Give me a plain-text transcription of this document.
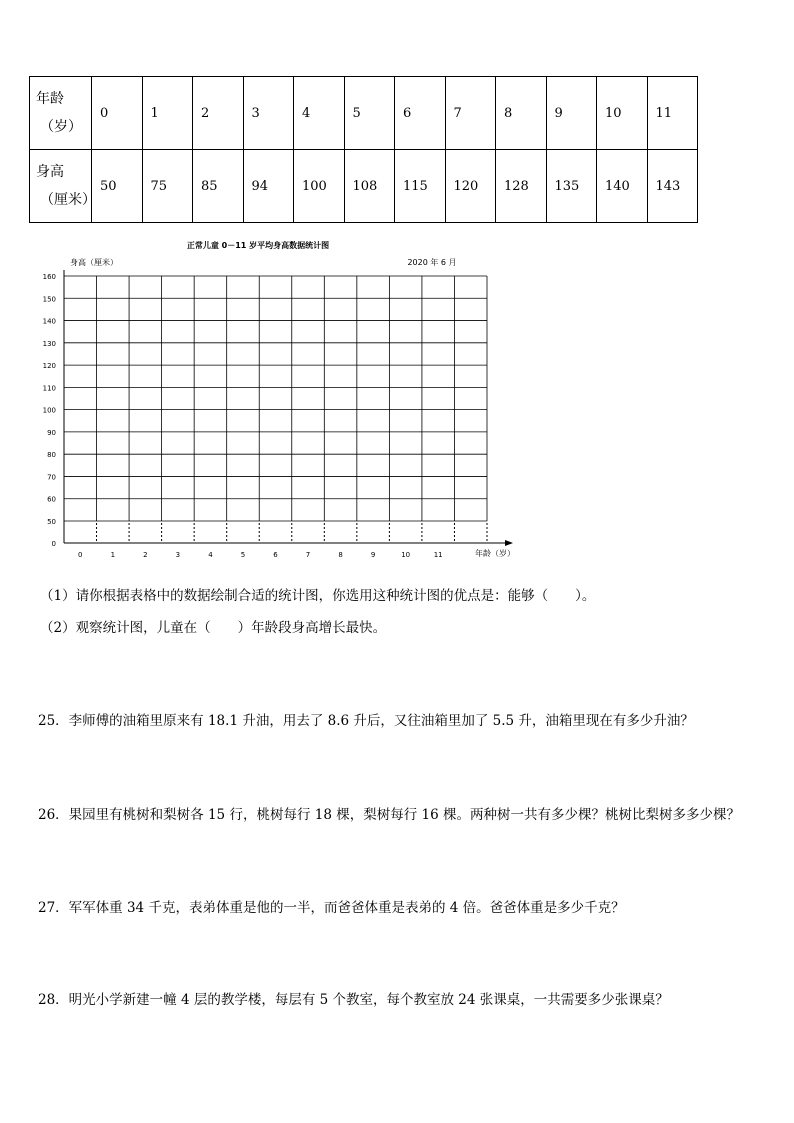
年龄
（岁）	0	1	2	3	4	5	6	7	8	9	10	11

身高
（厘米）	50	75	85	94	100	108	115	120	128	135	140	143
正常儿童 0－11 岁平均身高数据统计图
身高（厘米）	2020 年 6 月
年龄（岁）
0
50
60
70
80
90
100
110
120
130
140
150
160
0	1	2	3	4	5	6	7	8	9	10	11
（1）请你根据表格中的数据绘制合适的统计图，你选用这种统计图的优点是：能够（　　）。
（2）观察统计图，儿童在（　　）年龄段身高增长最快。
25．李师傅的油箱里原来有 18.1 升油，用去了 8.6 升后，又往油箱里加了 5.5 升，油箱里现在有多少升油？
26．果园里有桃树和梨树各 15 行，桃树每行 18 棵，梨树每行 16 棵。两种树一共有多少棵？桃树比梨树多多少棵？
27．军军体重 34 千克，表弟体重是他的一半，而爸爸体重是表弟的 4 倍。爸爸体重是多少千克？
28．明光小学新建一幢 4 层的教学楼，每层有 5 个教室，每个教室放 24 张课桌，一共需要多少张课桌？
